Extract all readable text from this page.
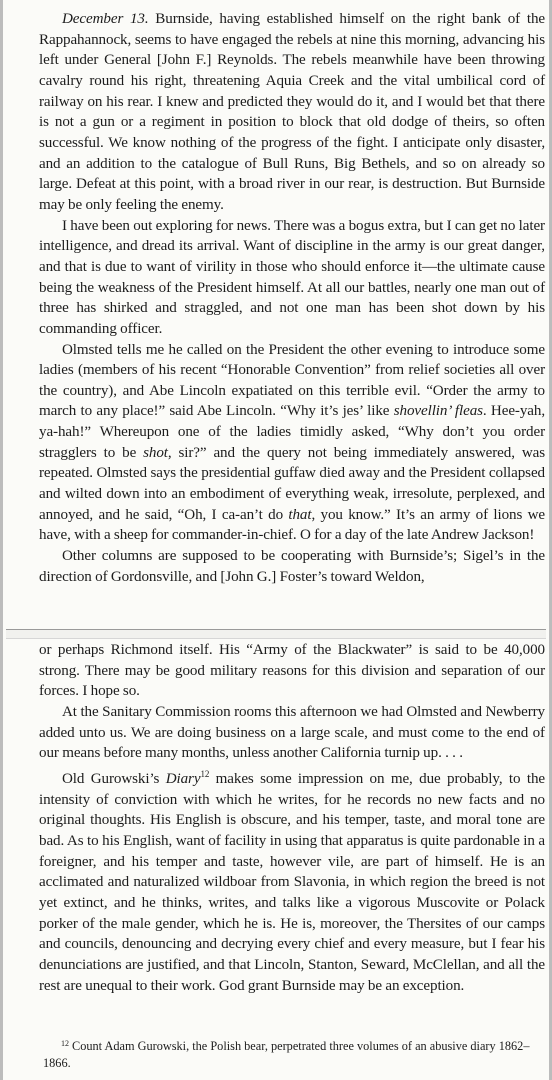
December 13. Burnside, having established himself on the right bank of the Rappahannock, seems to have engaged the rebels at nine this morning, advancing his left under General [John F.] Reynolds. The rebels meanwhile have been throwing cavalry round his right, threatening Aquia Creek and the vital umbilical cord of railway on his rear. I knew and predicted they would do it, and I would bet that there is not a gun or a regiment in position to block that old dodge of theirs, so often successful. We know nothing of the progress of the fight. I anticipate only disaster, and an addition to the catalogue of Bull Runs, Big Bethels, and so on already so large. Defeat at this point, with a broad river in our rear, is destruction. But Burnside may be only feeling the enemy.

I have been out exploring for news. There was a bogus extra, but I can get no later intelligence, and dread its arrival. Want of discipline in the army is our great danger, and that is due to want of virility in those who should enforce it—the ultimate cause being the weakness of the President himself. At all our battles, nearly one man out of three has shirked and straggled, and not one man has been shot down by his commanding officer.

Olmsted tells me he called on the President the other evening to introduce some ladies (members of his recent “Honorable Convention” from relief societies all over the country), and Abe Lincoln expatiated on this terrible evil. “Order the army to march to any place!” said Abe Lincoln. “Why it’s jes’ like shovellin’ fleas. Hee-yah, ya-hah!” Whereupon one of the ladies timidly asked, “Why don’t you order stragglers to be shot, sir?” and the query not being immediately answered, was repeated. Olmsted says the presidential guffaw died away and the President collapsed and wilted down into an embodiment of everything weak, irresolute, perplexed, and annoyed, and he said, “Oh, I ca-an’t do that, you know.” It’s an army of lions we have, with a sheep for commander-in-chief. O for a day of the late Andrew Jackson!

Other columns are supposed to be cooperating with Burnside’s; Sigel’s in the direction of Gordonsville, and [John G.] Foster’s toward Weldon,

or perhaps Richmond itself. His “Army of the Blackwater” is said to be 40,000 strong. There may be good military reasons for this division and separation of our forces. I hope so.

At the Sanitary Commission rooms this afternoon we had Olmsted and Newberry added unto us. We are doing business on a large scale, and must come to the end of our means before many months, unless another California turnip up. . . .

Old Gurowski’s Diary$^{12}$ makes some impression on me, due probably, to the intensity of conviction with which he writes, for he records no new facts and no original thoughts. His English is obscure, and his temper, taste, and moral tone are bad. As to his English, want of facility in using that apparatus is quite pardonable in a foreigner, and his temper and taste, however vile, are part of himself. He is an acclimated and naturalized wildboar from Slavonia, in which region the breed is not yet extinct, and he thinks, writes, and talks like a vigorous Muscovite or Polack porker of the male gender, which he is. He is, moreover, the Thersites of our camps and councils, denouncing and decrying every chief and every measure, but I fear his denunciations are justified, and that Lincoln, Stanton, Seward, McClellan, and all the rest are unequal to their work. God grant Burnside may be an exception.

$^{12}$ Count Adam Gurowski, the Polish bear, perpetrated three volumes of an abusive diary 1862–1866.
